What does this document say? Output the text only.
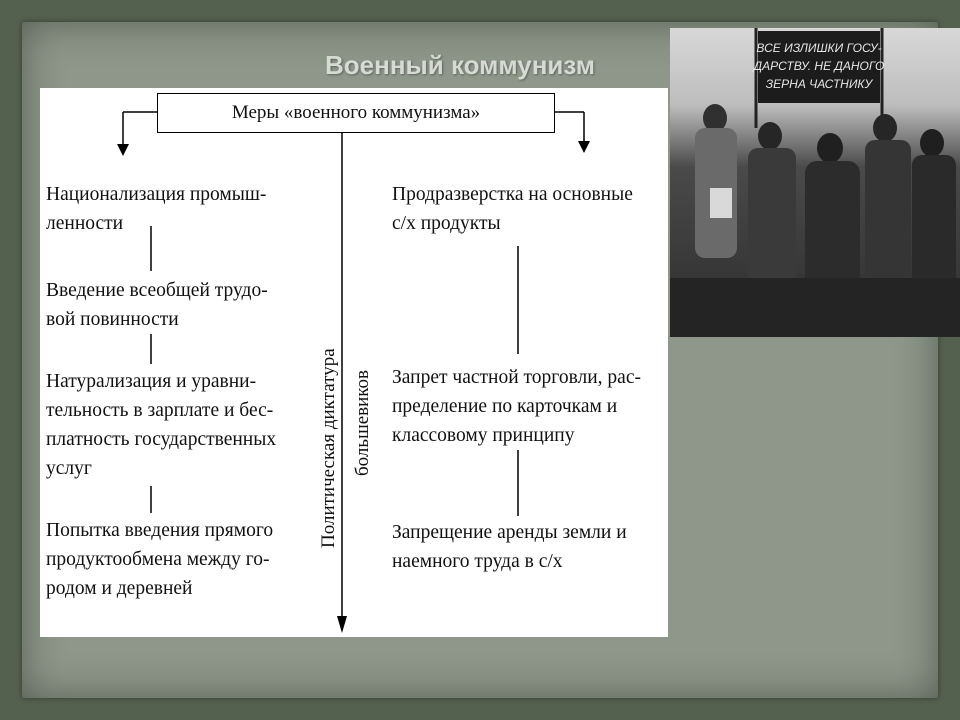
Военный коммунизм
Меры «военного коммунизма»
Национализация промыш-
ленности
Введение всеобщей трудо-
вой повинности
Натурализация и уравни-
тельность в зарплате и бес-
платность государственных
услуг
Попытка введения прямого
продуктообмена между го-
родом и деревней
Продразверстка на основные
с/х продукты
Запрет частной торговли, рас-
пределение по карточкам и
классовому принципу
Запрещение аренды земли и
наемного труда в с/х
Политическая диктатура большевиков
ВСЕ ИЗЛИШКИ ГОСУ-
ДАРСТВУ. НЕ ДАНОГО
ЗЕРНА ЧАСТНИКУ
